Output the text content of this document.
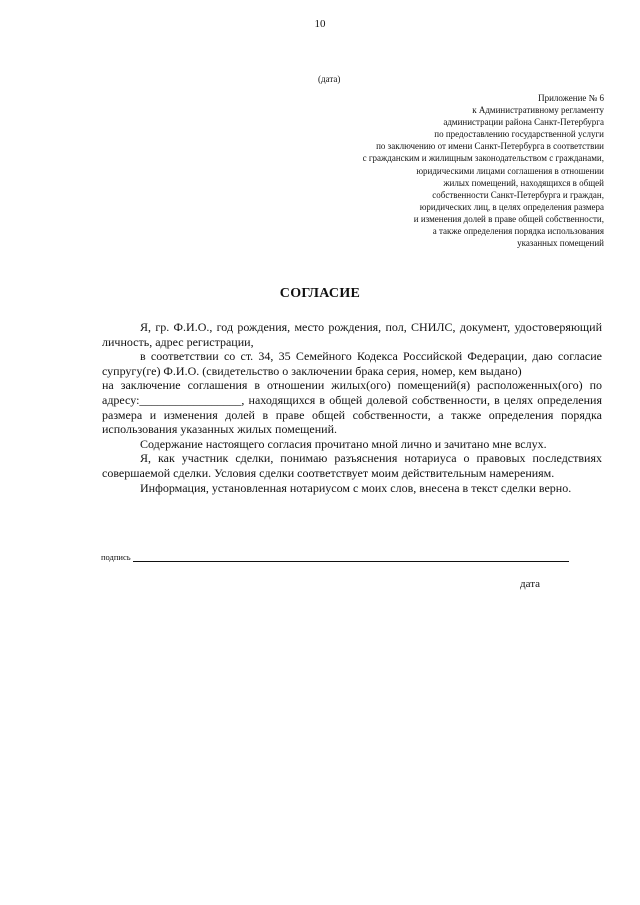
10
(дата)
Приложение № 6
к Административному регламенту
администрации района Санкт-Петербурга
по предоставлению государственной услуги
по заключению от имени Санкт-Петербурга в соответствии
с гражданским и жилищным законодательством с гражданами,
юридическими лицами соглашения в отношении
жилых помещений, находящихся в общей
собственности Санкт-Петербурга и граждан,
юридических лиц, в целях определения размера
и изменения долей в праве общей собственности,
а также определения порядка использования
указанных помещений
СОГЛАСИЕ
Я, гр. Ф.И.О., год рождения, место рождения, пол, СНИЛС, документ, удостоверяющий личность, адрес регистрации,
в соответствии со ст. 34, 35 Семейного Кодекса Российской Федерации, даю согласие супругу(ге) Ф.И.О. (свидетельство о заключении брака серия, номер, кем выдано)
на заключение соглашения в отношении жилых(ого) помещений(я) расположенных(ого) по адресу:_________________, находящихся в общей долевой собственности, в целях определения размера и изменения долей в праве общей собственности, а также определения порядка использования указанных жилых помещений.
Содержание настоящего согласия прочитано мной лично и зачитано мне вслух.
Я, как участник сделки, понимаю разъяснения нотариуса о правовых последствиях совершаемой сделки. Условия сделки соответствует моим действительным намерениям.
Информация, установленная нотариусом с моих слов, внесена в текст сделки верно.
подпись
дата
